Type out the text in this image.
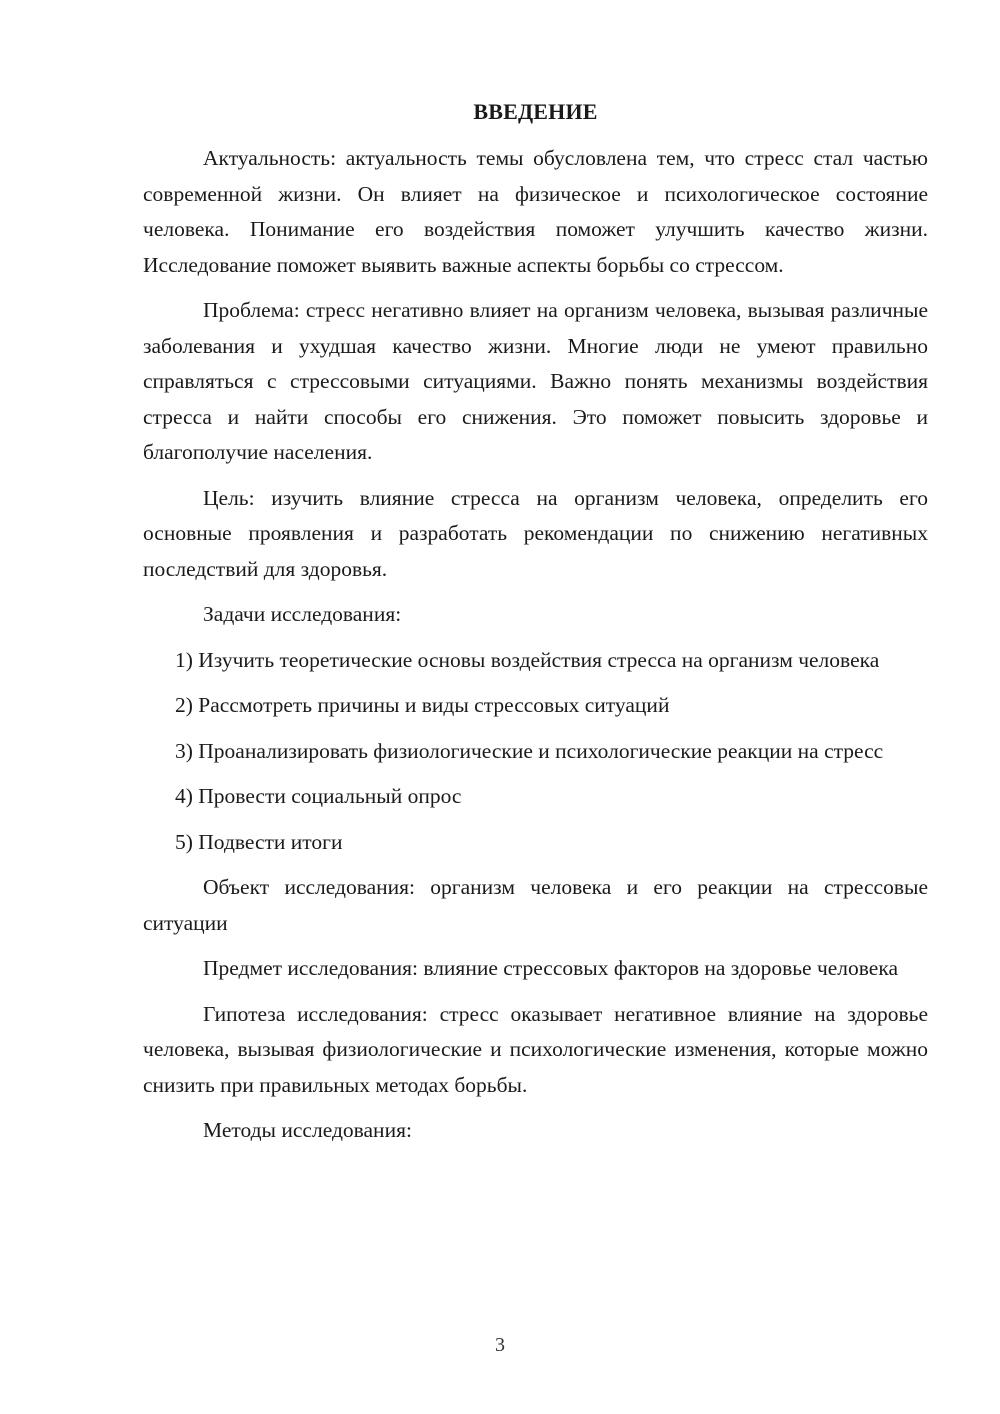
ВВЕДЕНИЕ

Актуальность: актуальность темы обусловлена тем, что стресс стал частью современной жизни. Он влияет на физическое и психологическое состояние человека. Понимание его воздействия поможет улучшить качество жизни. Исследование поможет выявить важные аспекты борьбы со стрессом.

Проблема: стресс негативно влияет на организм человека, вызывая различные заболевания и ухудшая качество жизни. Многие люди не умеют правильно справляться с стрессовыми ситуациями. Важно понять механизмы воздействия стресса и найти способы его снижения. Это поможет повысить здоровье и благополучие населения.

Цель: изучить влияние стресса на организм человека, определить его основные проявления и разработать рекомендации по снижению негативных последствий для здоровья.

Задачи исследования:

1) Изучить теоретические основы воздействия стресса на организм человека

2) Рассмотреть причины и виды стрессовых ситуаций

3) Проанализировать физиологические и психологические реакции на стресс

4) Провести социальный опрос

5) Подвести итоги

Объект исследования: организм человека и его реакции на стрессовые ситуации

Предмет исследования: влияние стрессовых факторов на здоровье человека

Гипотеза исследования: стресс оказывает негативное влияние на здоровье человека, вызывая физиологические и психологические изменения, которые можно снизить при правильных методах борьбы.

Методы исследования:

3
